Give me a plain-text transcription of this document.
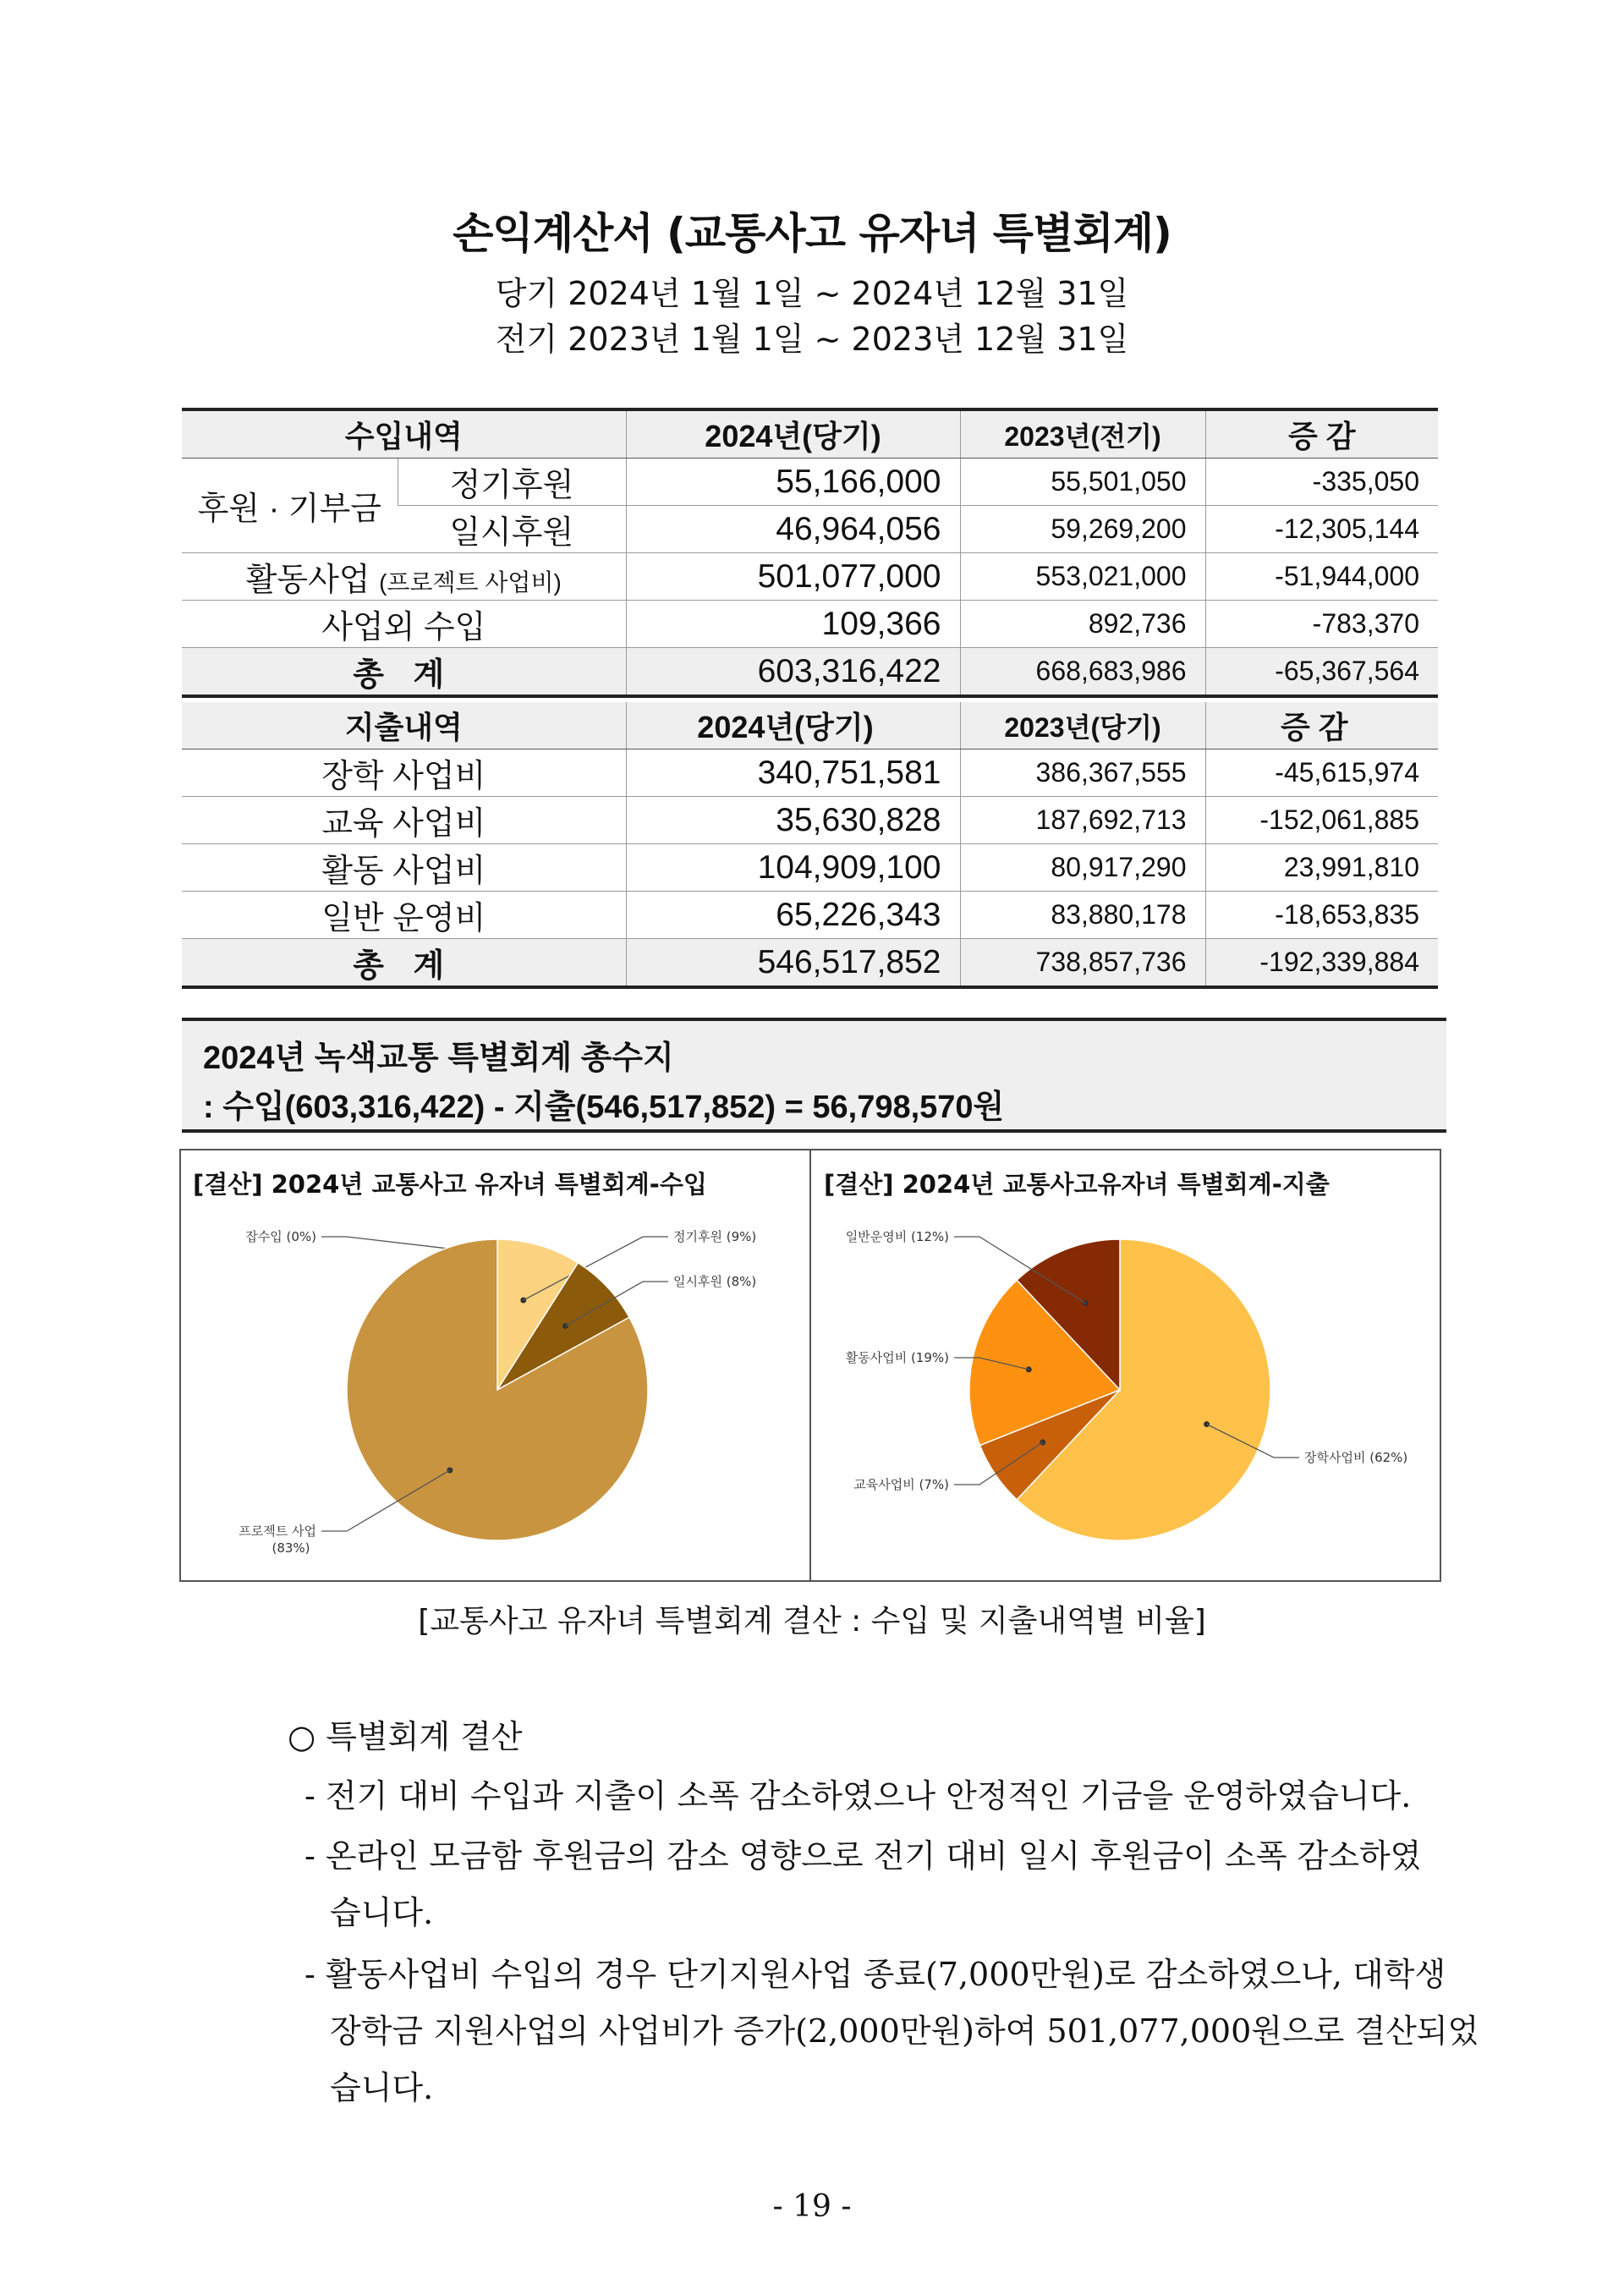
손익계산서 (교통사고 유자녀 특별회계)
당기 2024년 1월 1일 ~ 2024년 12월 31일
전기 2023년 1월 1일 ~ 2023년 12월 31일
수입내역		2024년(당기)	2023년(전기)	증 감
후원 · 기부금	정기후원	55,166,000	55,501,050	-335,050
	일시후원	46,964,056	59,269,200	-12,305,144
활동사업 (프로젝트 사업비)		501,077,000	553,021,000	-51,944,000
사업외 수입		109,366	892,736	-783,370
총 계		603,316,422	668,683,986	-65,367,564
지출내역	2024년(당기)	2023년(당기)	증 감
장학 사업비	340,751,581	386,367,555	-45,615,974
교육 사업비	35,630,828	187,692,713	-152,061,885
활동 사업비	104,909,100	80,917,290	23,991,810
일반 운영비	65,226,343	83,880,178	-18,653,835
총 계	546,517,852	738,857,736	-192,339,884
2024년 녹색교통 특별회계 총수지
: 수입(603,316,422) - 지출(546,517,852) = 56,798,570원
[결산] 2024년 교통사고 유자녀 특별회계-수입	[결산] 2024년 교통사고유자녀 특별회계-지출
잡수입 (0%)	정기후원 (9%)
일시후원 (8%)
프로젝트 사업
(83%)
장학사업비 (62%)
교육사업비 (7%)
활동사업비 (19%)
일반운영비 (12%)
[교통사고 유자녀 특별회계 결산 : 수입 및 지출내역별 비율]
○ 특별회계 결산
- 전기 대비 수입과 지출이 소폭 감소하였으나 안정적인 기금을 운영하였습니다.
- 온라인 모금함 후원금의 감소 영향으로 전기 대비 일시 후원금이 소폭 감소하였
습니다.
- 활동사업비 수입의 경우 단기지원사업 종료(7,000만원)로 감소하였으나, 대학생
장학금 지원사업의 사업비가 증가(2,000만원)하여 501,077,000원으로 결산되었
습니다.
- 19 -
